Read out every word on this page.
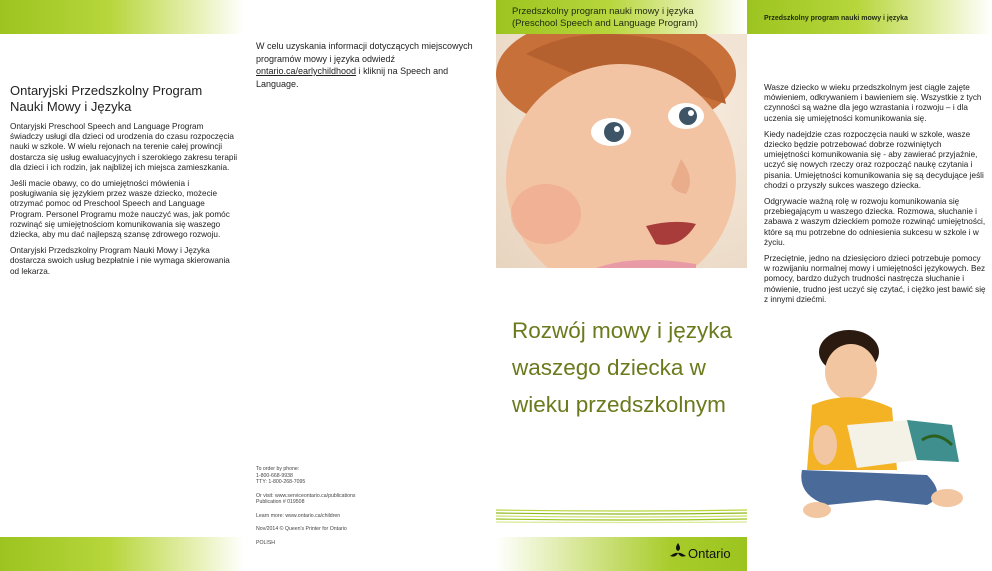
Ontaryjski Przedszkolny Program Nauki Mowy i Języka

Ontaryjski Preschool Speech and Language Program świadczy usługi dla dzieci od urodzenia do czasu rozpoczęcia nauki w szkole. W wielu rejonach na terenie całej prowincji dostarcza się usług ewaluacyjnych i szerokiego zakresu terapii dla dzieci i ich rodzin, jak najbliżej ich miejsca zamieszkania.

Jeśli macie obawy, co do umiejętności mówienia i posługiwania się językiem przez wasze dziecko, możecie otrzymać pomoc od Preschool Speech and Language Program. Personel Programu może nauczyć was, jak pomóc rozwinąć się umiejętnościom komunikowania się waszego dziecka, aby mu dać najlepszą szansę zdrowego rozwoju.

Ontaryjski Przedszkolny Program Nauki Mowy i Języka dostarcza swoich usług bezpłatnie i nie wymaga skierowania od lekarza.

W celu uzyskania informacji dotyczących miejscowych programów mowy i języka odwiedź ontario.ca/earlychildhood i kliknij na Speech and Language.

To order by phone:
1-800-668-9938
TTY: 1-800-268-7095

Or visit: www.serviceontario.ca/publications
Publication # 019508

Learn more: www.ontario.ca/children

Nov/2014 © Queen's Printer for Ontario

POLISH

Przedszkolny program nauki mowy i języka
(Preschool Speech and Language Program)
Rozwój mowy i języka waszego dziecka w wieku przedszkolnym
Przedszkolny program nauki mowy i języka

Wasze dziecko w wieku przedszkolnym jest ciągle zajęte mówieniem, odkrywaniem i bawieniem się. Wszystkie z tych czynności są ważne dla jego wzrastania i rozwoju – i dla uczenia się umiejętności komunikowania się.

Kiedy nadejdzie czas rozpoczęcia nauki w szkole, wasze dziecko będzie potrzebować dobrze rozwiniętych umiejętności komunikowania się - aby zawierać przyjaźnie, uczyć się nowych rzeczy oraz rozpocząć naukę czytania i pisania. Umiejętności komunikowania się są decydujące jeśli chodzi o przyszły sukces waszego dziecka.

Odgrywacie ważną rolę w rozwoju komunikowania się przebiegającym u waszego dziecka. Rozmowa, słuchanie i zabawa z waszym dzieckiem pomoże rozwinąć umiejętności, które są mu potrzebne do odniesienia sukcesu w szkole i w życiu.

Przeciętnie, jedno na dziesięcioro dzieci potrzebuje pomocy w rozwijaniu normalnej mowy i umiejętności językowych. Bez pomocy, bardzo dużych trudności nastręcza słuchanie i mówienie, trudno jest uczyć się czytać, i ciężko jest bawić się z innymi dziećmi.

Ontario
